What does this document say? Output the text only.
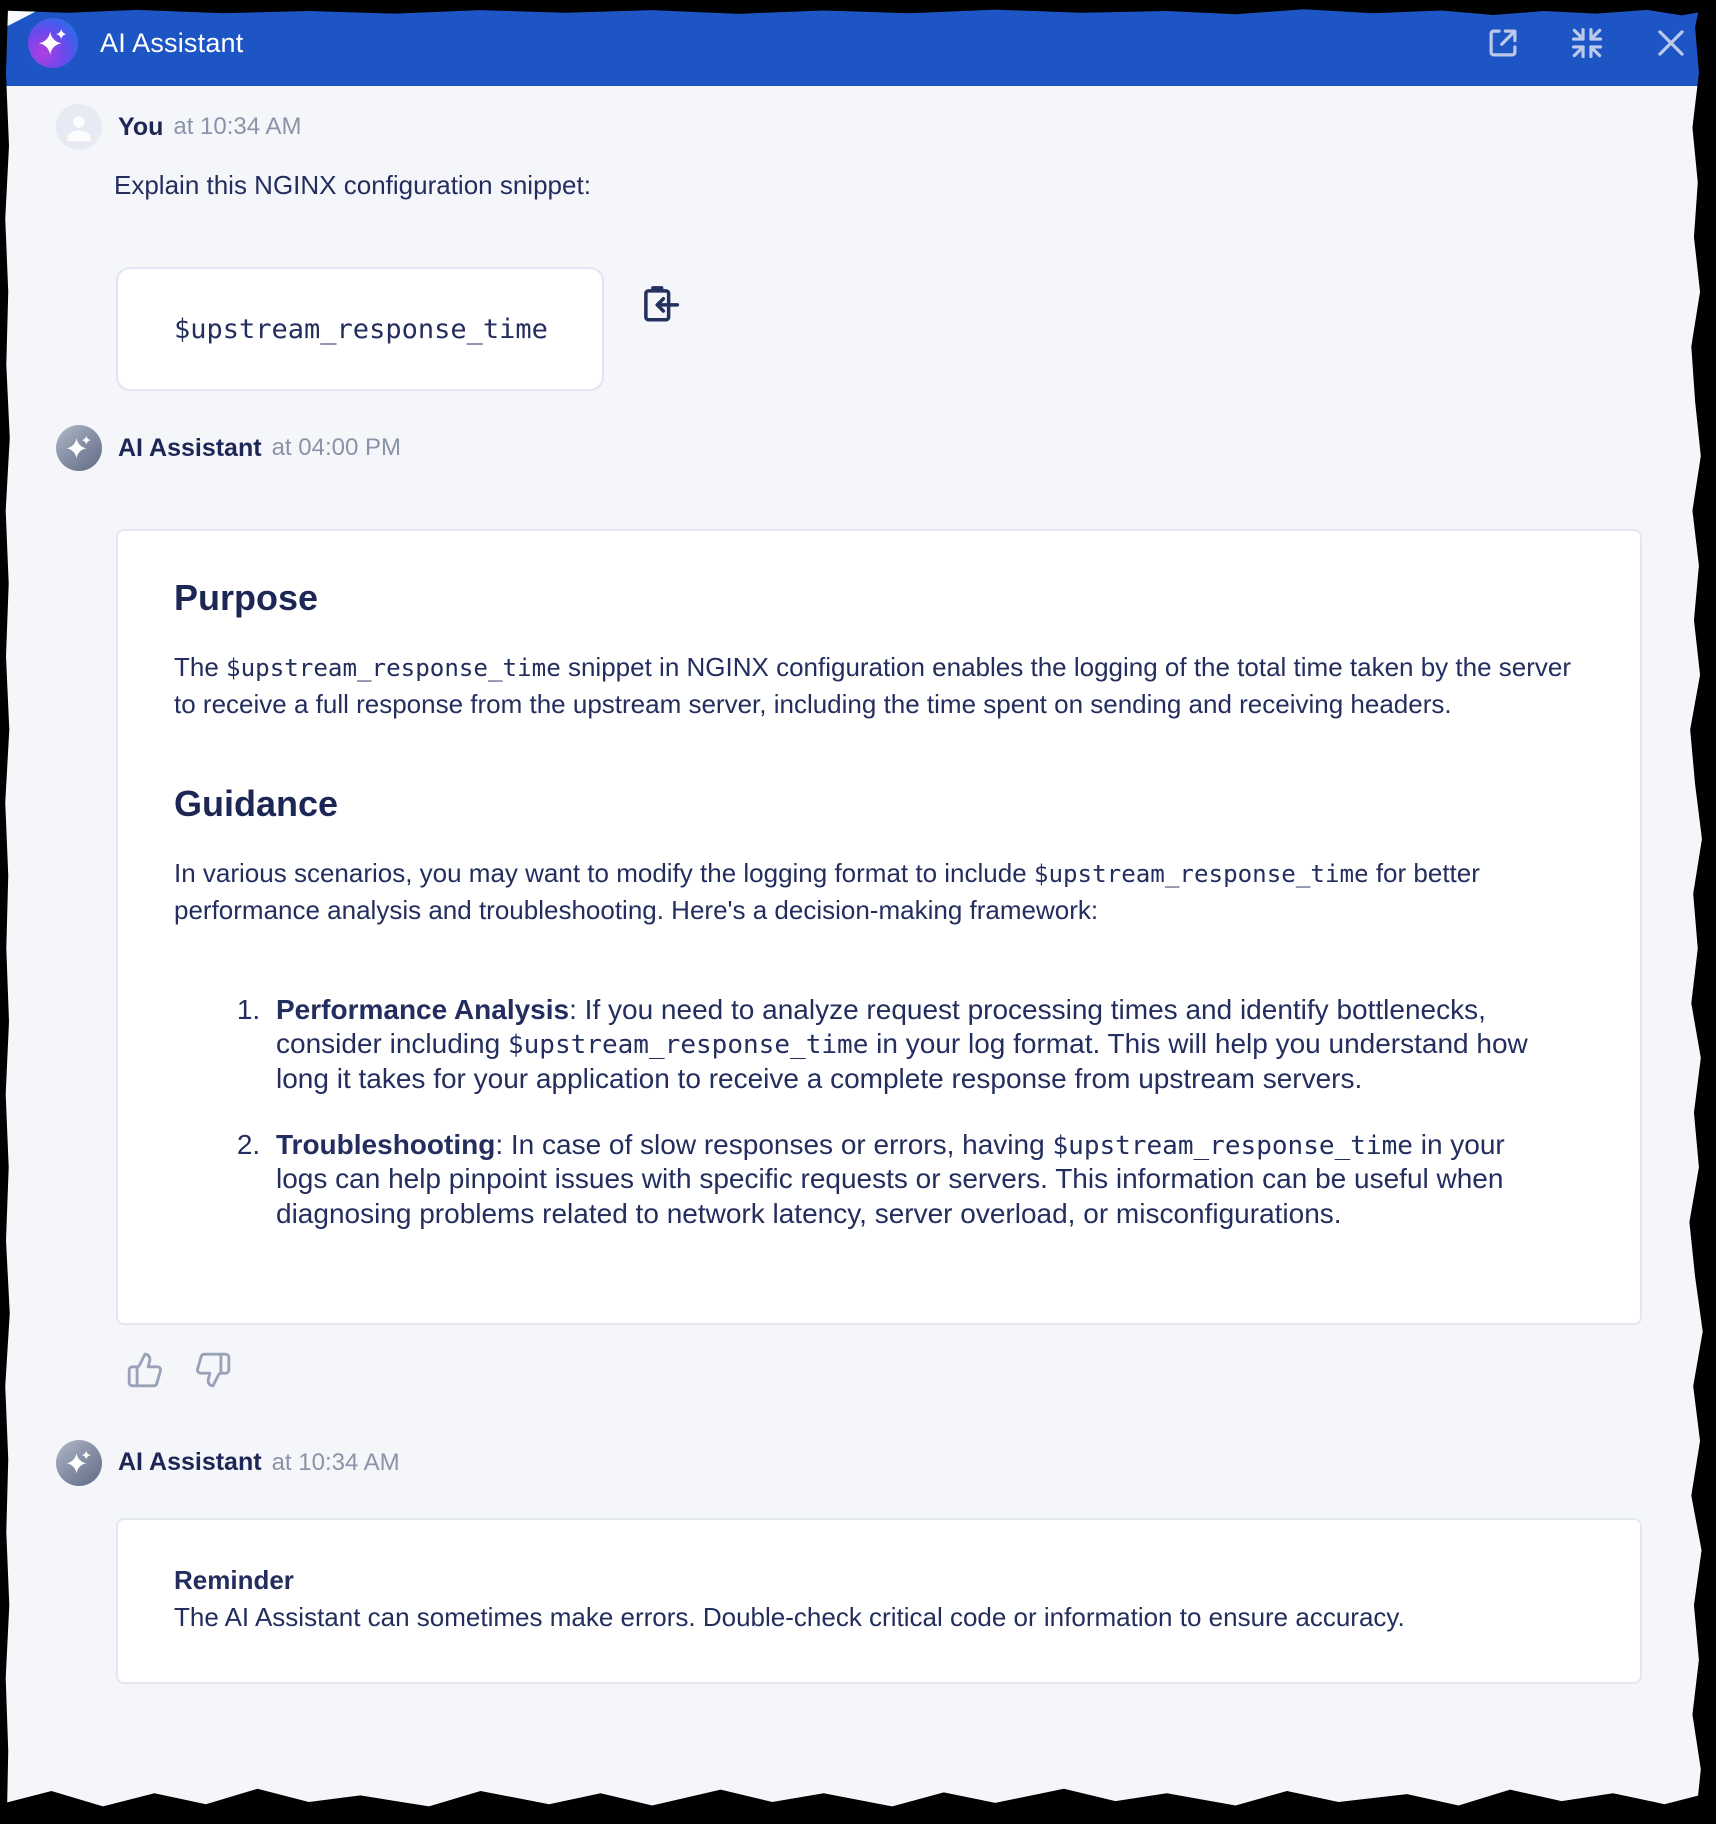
AI Assistant
You at 10:34 AM

Explain this NGINX configuration snippet:

$upstream_response_time
AI Assistant at 04:00 PM
Purpose

The $upstream_response_time snippet in NGINX configuration enables the logging of the total time taken by the server to receive a full response from the upstream server, including the time spent on sending and receiving headers.

Guidance

In various scenarios, you may want to modify the logging format to include $upstream_response_time for better performance analysis and troubleshooting. Here's a decision-making framework:

1. Performance Analysis: If you need to analyze request processing times and identify bottlenecks, consider including $upstream_response_time in your log format. This will help you understand how long it takes for your application to receive a complete response from upstream servers.
2. Troubleshooting: In case of slow responses or errors, having $upstream_response_time in your logs can help pinpoint issues with specific requests or servers. This information can be useful when diagnosing problems related to network latency, server overload, or misconfigurations.
AI Assistant at 10:34 AM

Reminder

The AI Assistant can sometimes make errors. Double-check critical code or information to ensure accuracy.
